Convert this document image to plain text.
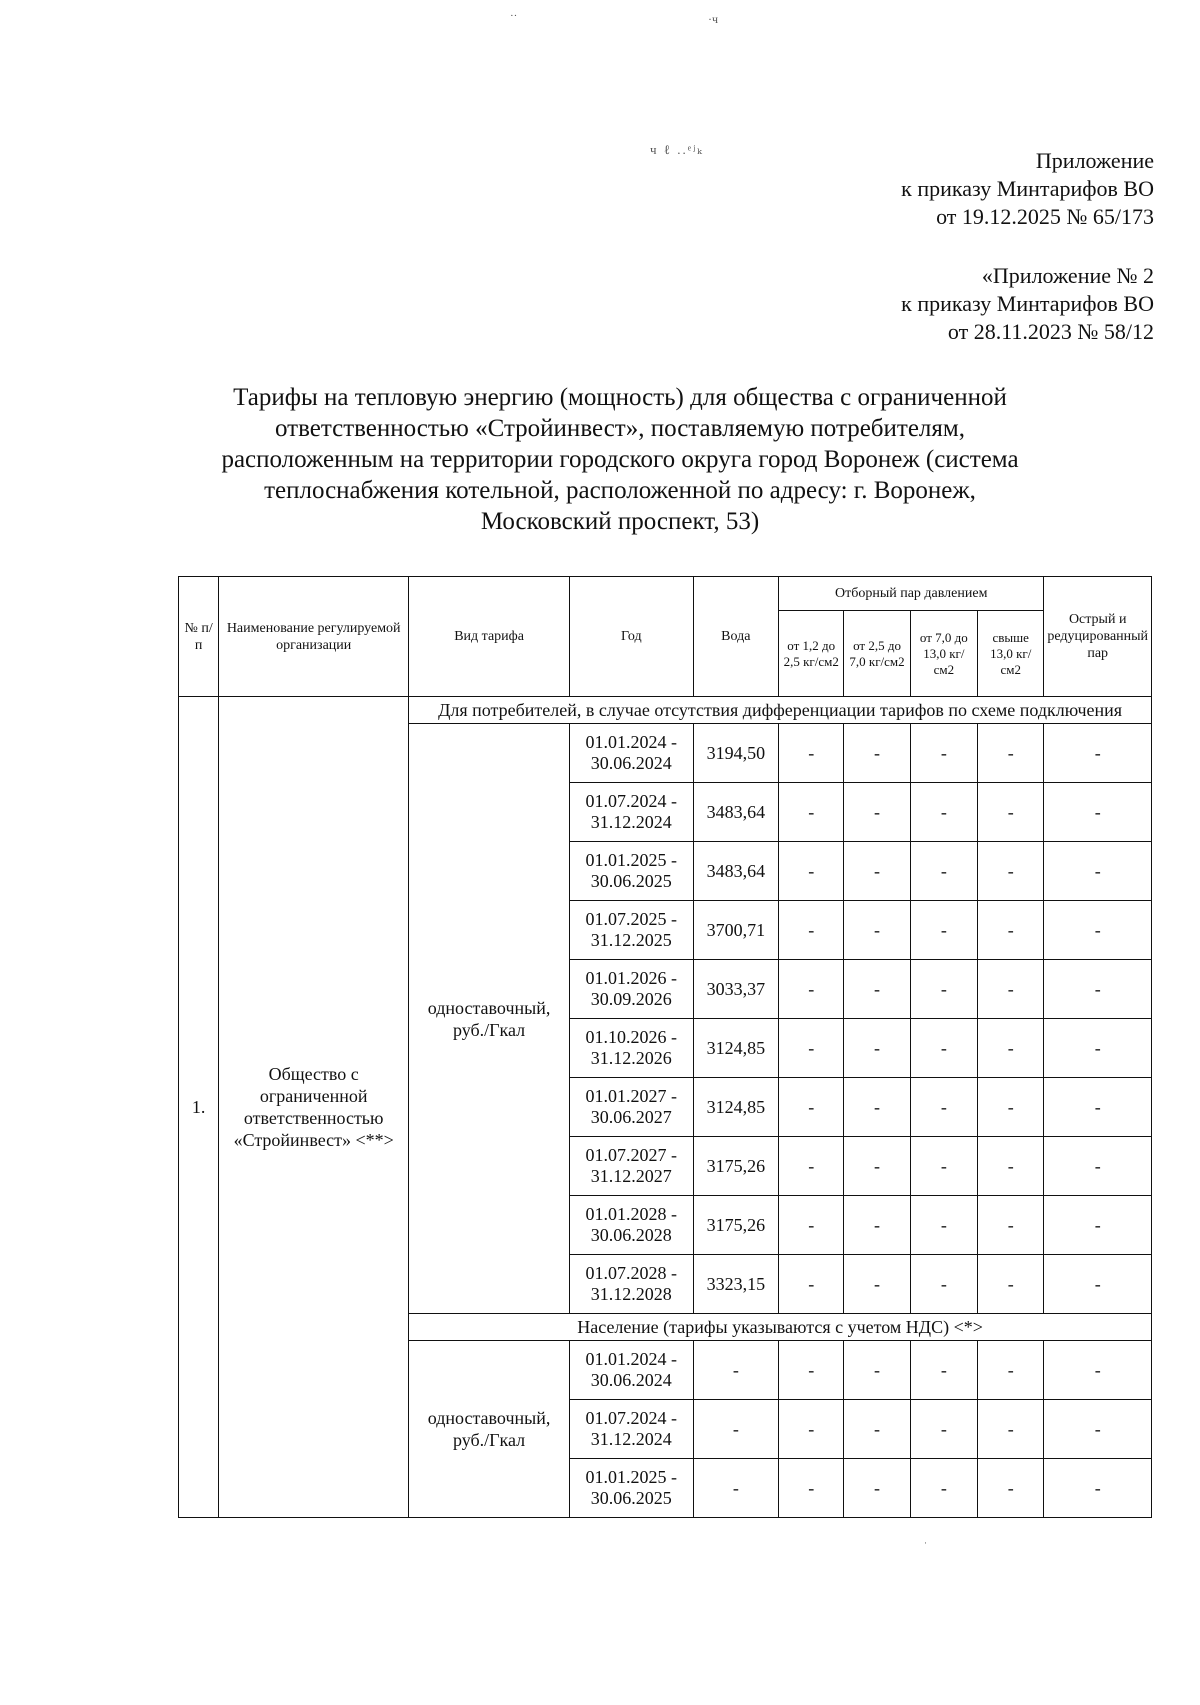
··	·ч
ч ℓ ..ᵉʲₖ
·
Приложение
к приказу Минтарифов ВО
от 19.12.2025 № 65/173
«Приложение № 2
к приказу Минтарифов ВО
от 28.11.2023 № 58/12
Тарифы на тепловую энергию (мощность) для общества с ограниченной
ответственностью «Стройинвест», поставляемую потребителям,
расположенным на территории городского округа город Воронеж (система
теплоснабжения котельной, расположенной по адресу: г. Воронеж,
Московский проспект, 53)
№ п/п	Наименование регулируемой организации	Вид тарифа	Год	Вода	Отборный пар давлением				Острый и редуцированный пар
					от 1,2 до 2,5 кг/см2	от 2,5 до 7,0 кг/см2	от 7,0 до 13,0 кг/см2	свыше 13,0 кг/см2	
1.	Общество с ограниченной ответственностью «Стройинвест» <**>	Для потребителей, в случае отсутствия дифференциации тарифов по схеме подключения							
		одноставочный, руб./Гкал	01.01.2024 - 30.06.2024	3194,50	-	-	-	-	-
			01.07.2024 - 31.12.2024	3483,64	-	-	-	-	-
			01.01.2025 - 30.06.2025	3483,64	-	-	-	-	-
			01.07.2025 - 31.12.2025	3700,71	-	-	-	-	-
			01.01.2026 - 30.09.2026	3033,37	-	-	-	-	-
			01.10.2026 - 31.12.2026	3124,85	-	-	-	-	-
			01.01.2027 - 30.06.2027	3124,85	-	-	-	-	-
			01.07.2027 - 31.12.2027	3175,26	-	-	-	-	-
			01.01.2028 - 30.06.2028	3175,26	-	-	-	-	-
			01.07.2028 - 31.12.2028	3323,15	-	-	-	-	-
		Население (тарифы указываются с учетом НДС) <*>							
		одноставочный, руб./Гкал	01.01.2024 - 30.06.2024	-	-	-	-	-	-
			01.07.2024 - 31.12.2024	-	-	-	-	-	-
			01.01.2025 - 30.06.2025	-	-	-	-	-	-
